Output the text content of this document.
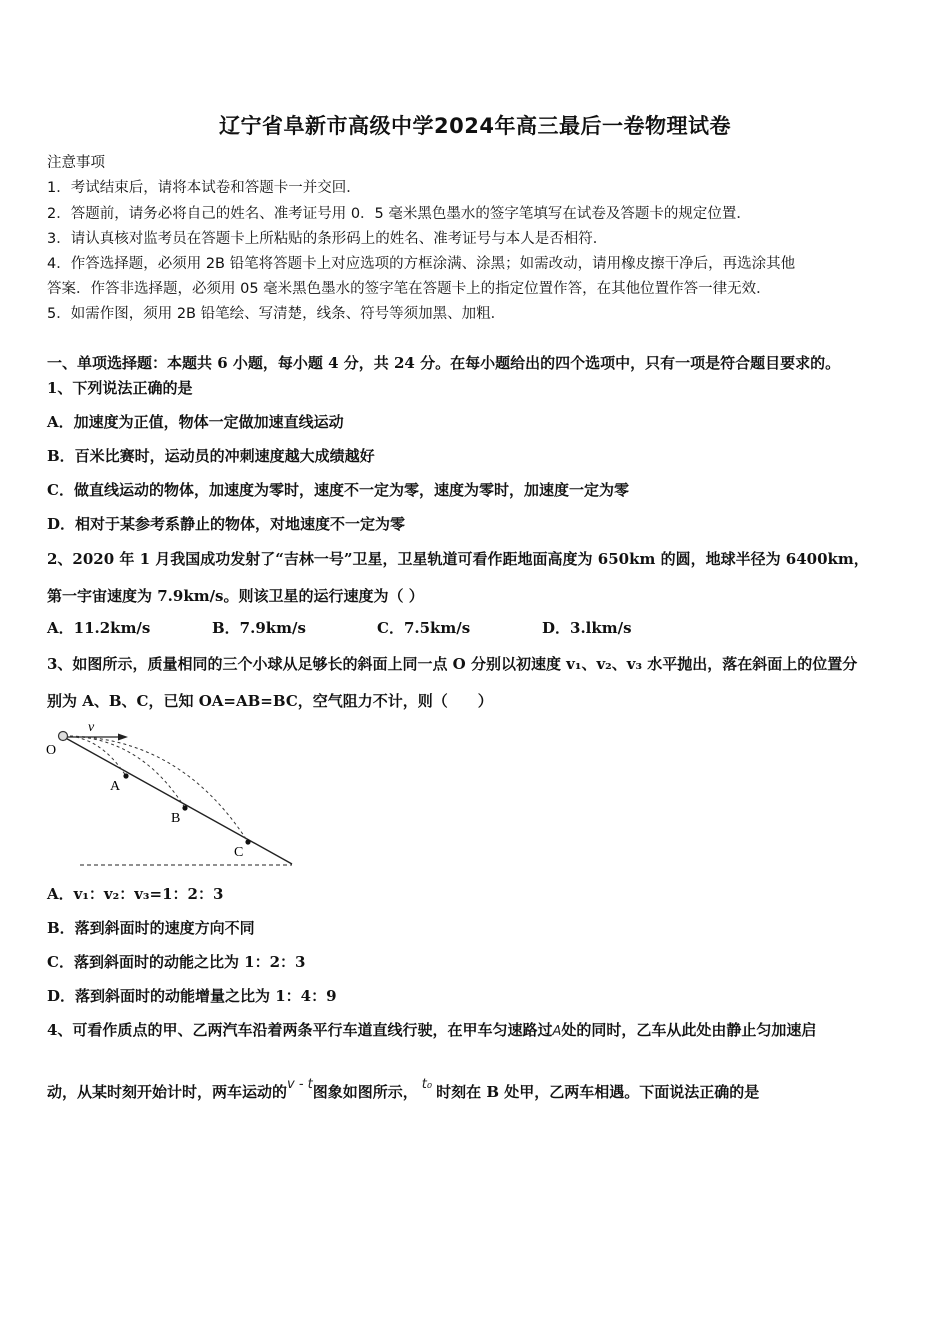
辽宁省阜新市高级中学2024年高三最后一卷物理试卷
注意事项
1．考试结束后，请将本试卷和答题卡一并交回．
2．答题前，请务必将自己的姓名、准考证号用 0．5 毫米黑色墨水的签字笔填写在试卷及答题卡的规定位置．
3．请认真核对监考员在答题卡上所粘贴的条形码上的姓名、准考证号与本人是否相符．
4．作答选择题，必须用 2B 铅笔将答题卡上对应选项的方框涂满、涂黑；如需改动，请用橡皮擦干净后，再选涂其他
答案．作答非选择题，必须用 05 毫米黑色墨水的签字笔在答题卡上的指定位置作答，在其他位置作答一律无效．
5．如需作图，须用 2B 铅笔绘、写清楚，线条、符号等须加黑、加粗．
一、单项选择题：本题共 6 小题，每小题 4 分，共 24 分。在每小题给出的四个选项中，只有一项是符合题目要求的。
1、下列说法正确的是
A．加速度为正值，物体一定做加速直线运动
B．百米比赛时，运动员的冲刺速度越大成绩越好
C．做直线运动的物体，加速度为零时，速度不一定为零，速度为零时，加速度一定为零
D．相对于某参考系静止的物体，对地速度不一定为零
2、2020 年 1 月我国成功发射了“吉林一号”卫星，卫星轨道可看作距地面高度为 650km 的圆，地球半径为 6400km，
第一宇宙速度为 7.9km/s。则该卫星的运行速度为（ ）
A．11.2km/s	B．7.9km/s	C．7.5km/s	D．3.lkm/s
3、如图所示，质量相同的三个小球从足够长的斜面上同一点 O 分别以初速度 v₁、v₂、v₃ 水平抛出，落在斜面上的位置分
别为 A、B、C，已知 OA=AB=BC，空气阻力不计，则（　　）
O
v
A
B
C
A．v₁：v₂：v₃=1：2：3
B．落到斜面时的速度方向不同
C．落到斜面时的动能之比为 1：2：3
D．落到斜面时的动能增量之比为 1：4：9
4、可看作质点的甲、乙两汽车沿着两条平行车道直线行驶，在甲车匀速路过A处的同时，乙车从此处由静止匀加速启
动，从某时刻开始计时，两车运动的v - t图象如图所示， t₀ 时刻在 B 处甲，乙两车相遇。下面说法正确的是
